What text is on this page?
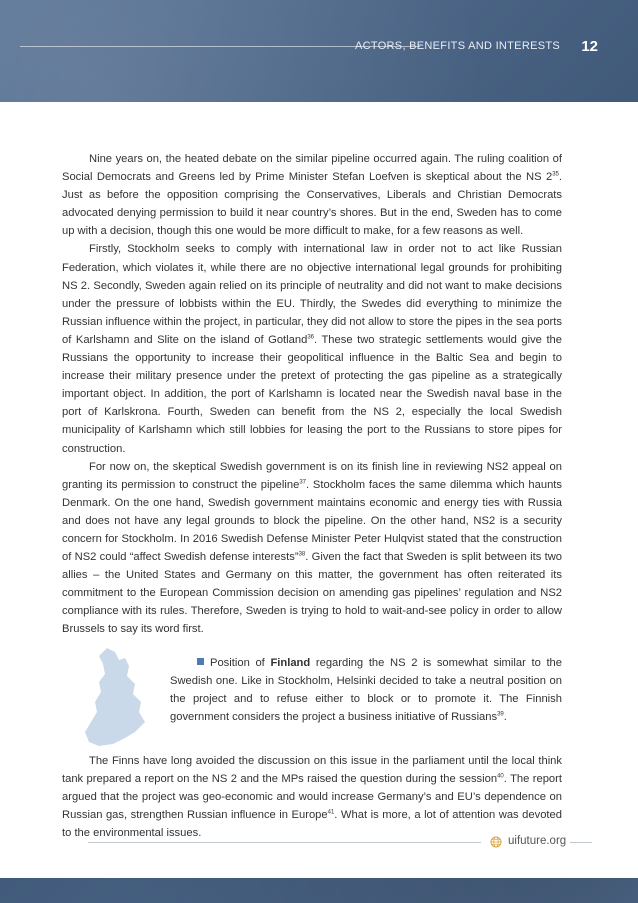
ACTORS, BENEFITS AND INTERESTS 12

Nine years on, the heated debate on the similar pipeline occurred again. The ruling coalition of Social Democrats and Greens led by Prime Minister Stefan Loefven is skeptical about the NS $2^{35}$. Just as before the opposition comprising the Conservatives, Liberals and Christian Democrats advocated denying permission to build it near country’s shores. But in the end, Sweden has to come up with a decision, though this one would be more difficult to make, for a few reasons as well.

Firstly, Stockholm seeks to comply with international law in order not to act like Russian Federation, which violates it, while there are no objective international legal grounds for prohibiting NS 2. Secondly, Sweden again relied on its principle of neutrality and did not want to make decisions under the pressure of lobbists within the EU. Thirdly, the Swedes did everything to minimize the Russian influence within the project, in particular, they did not allow to store the pipes in the sea ports of Karlshamn and Slite on the island of Gotland$^{36}$. These two strategic settlements would give the Russians the opportunity to increase their geopolitical influence in the Baltic Sea and begin to increase their military presence under the pretext of protecting the gas pipeline as a strategically important object. In addition, the port of Karlshamn is located near the Swedish naval base in the port of Karlskrona. Fourth, Sweden can benefit from the NS 2, especially the local Swedish municipality of Karlshamn which still lobbies for leasing the port to the Russians to store pipes for construction.

For now on, the skeptical Swedish government is on its finish line in reviewing NS2 appeal on granting its permission to construct the pipeline$^{37}$. Stockholm faces the same dilemma which haunts Denmark. On the one hand, Swedish government maintains economic and energy ties with Russia and does not have any legal grounds to block the pipeline. On the other hand, NS2 is a security concern for Stockholm. In 2016 Swedish Defense Minister Peter Hulqvist stated that the construction of NS2 could “affect Swedish defense interests”$^{38}$. Given the fact that Sweden is split between its two allies – the United States and Germany on this matter, the government has often reiterated its commitment to the European Commission decision on amending gas pipelines’ regulation and NS2 compliance with its rules. Therefore, Sweden is trying to hold to wait-and-see policy in order to allow Brussels to say its word first.

Position of Finland regarding the NS 2 is somewhat similar to the Swedish one. Like in Stockholm, Helsinki decided to take a neutral position on the project and to refuse either to block or to promote it. The Finnish government considers the project a business initiative of Russians$^{39}$.

The Finns have long avoided the discussion on this issue in the parliament until the local think tank prepared a report on the NS 2 and the MPs raised the question during the session$^{40}$. The report argued that the project was geo-economic and would increase Germany’s and EU’s dependence on Russian gas, strengthen Russian influence in Europe$^{41}$. What is more, a lot of attention was devoted to the environmental issues.

uifuture.org
